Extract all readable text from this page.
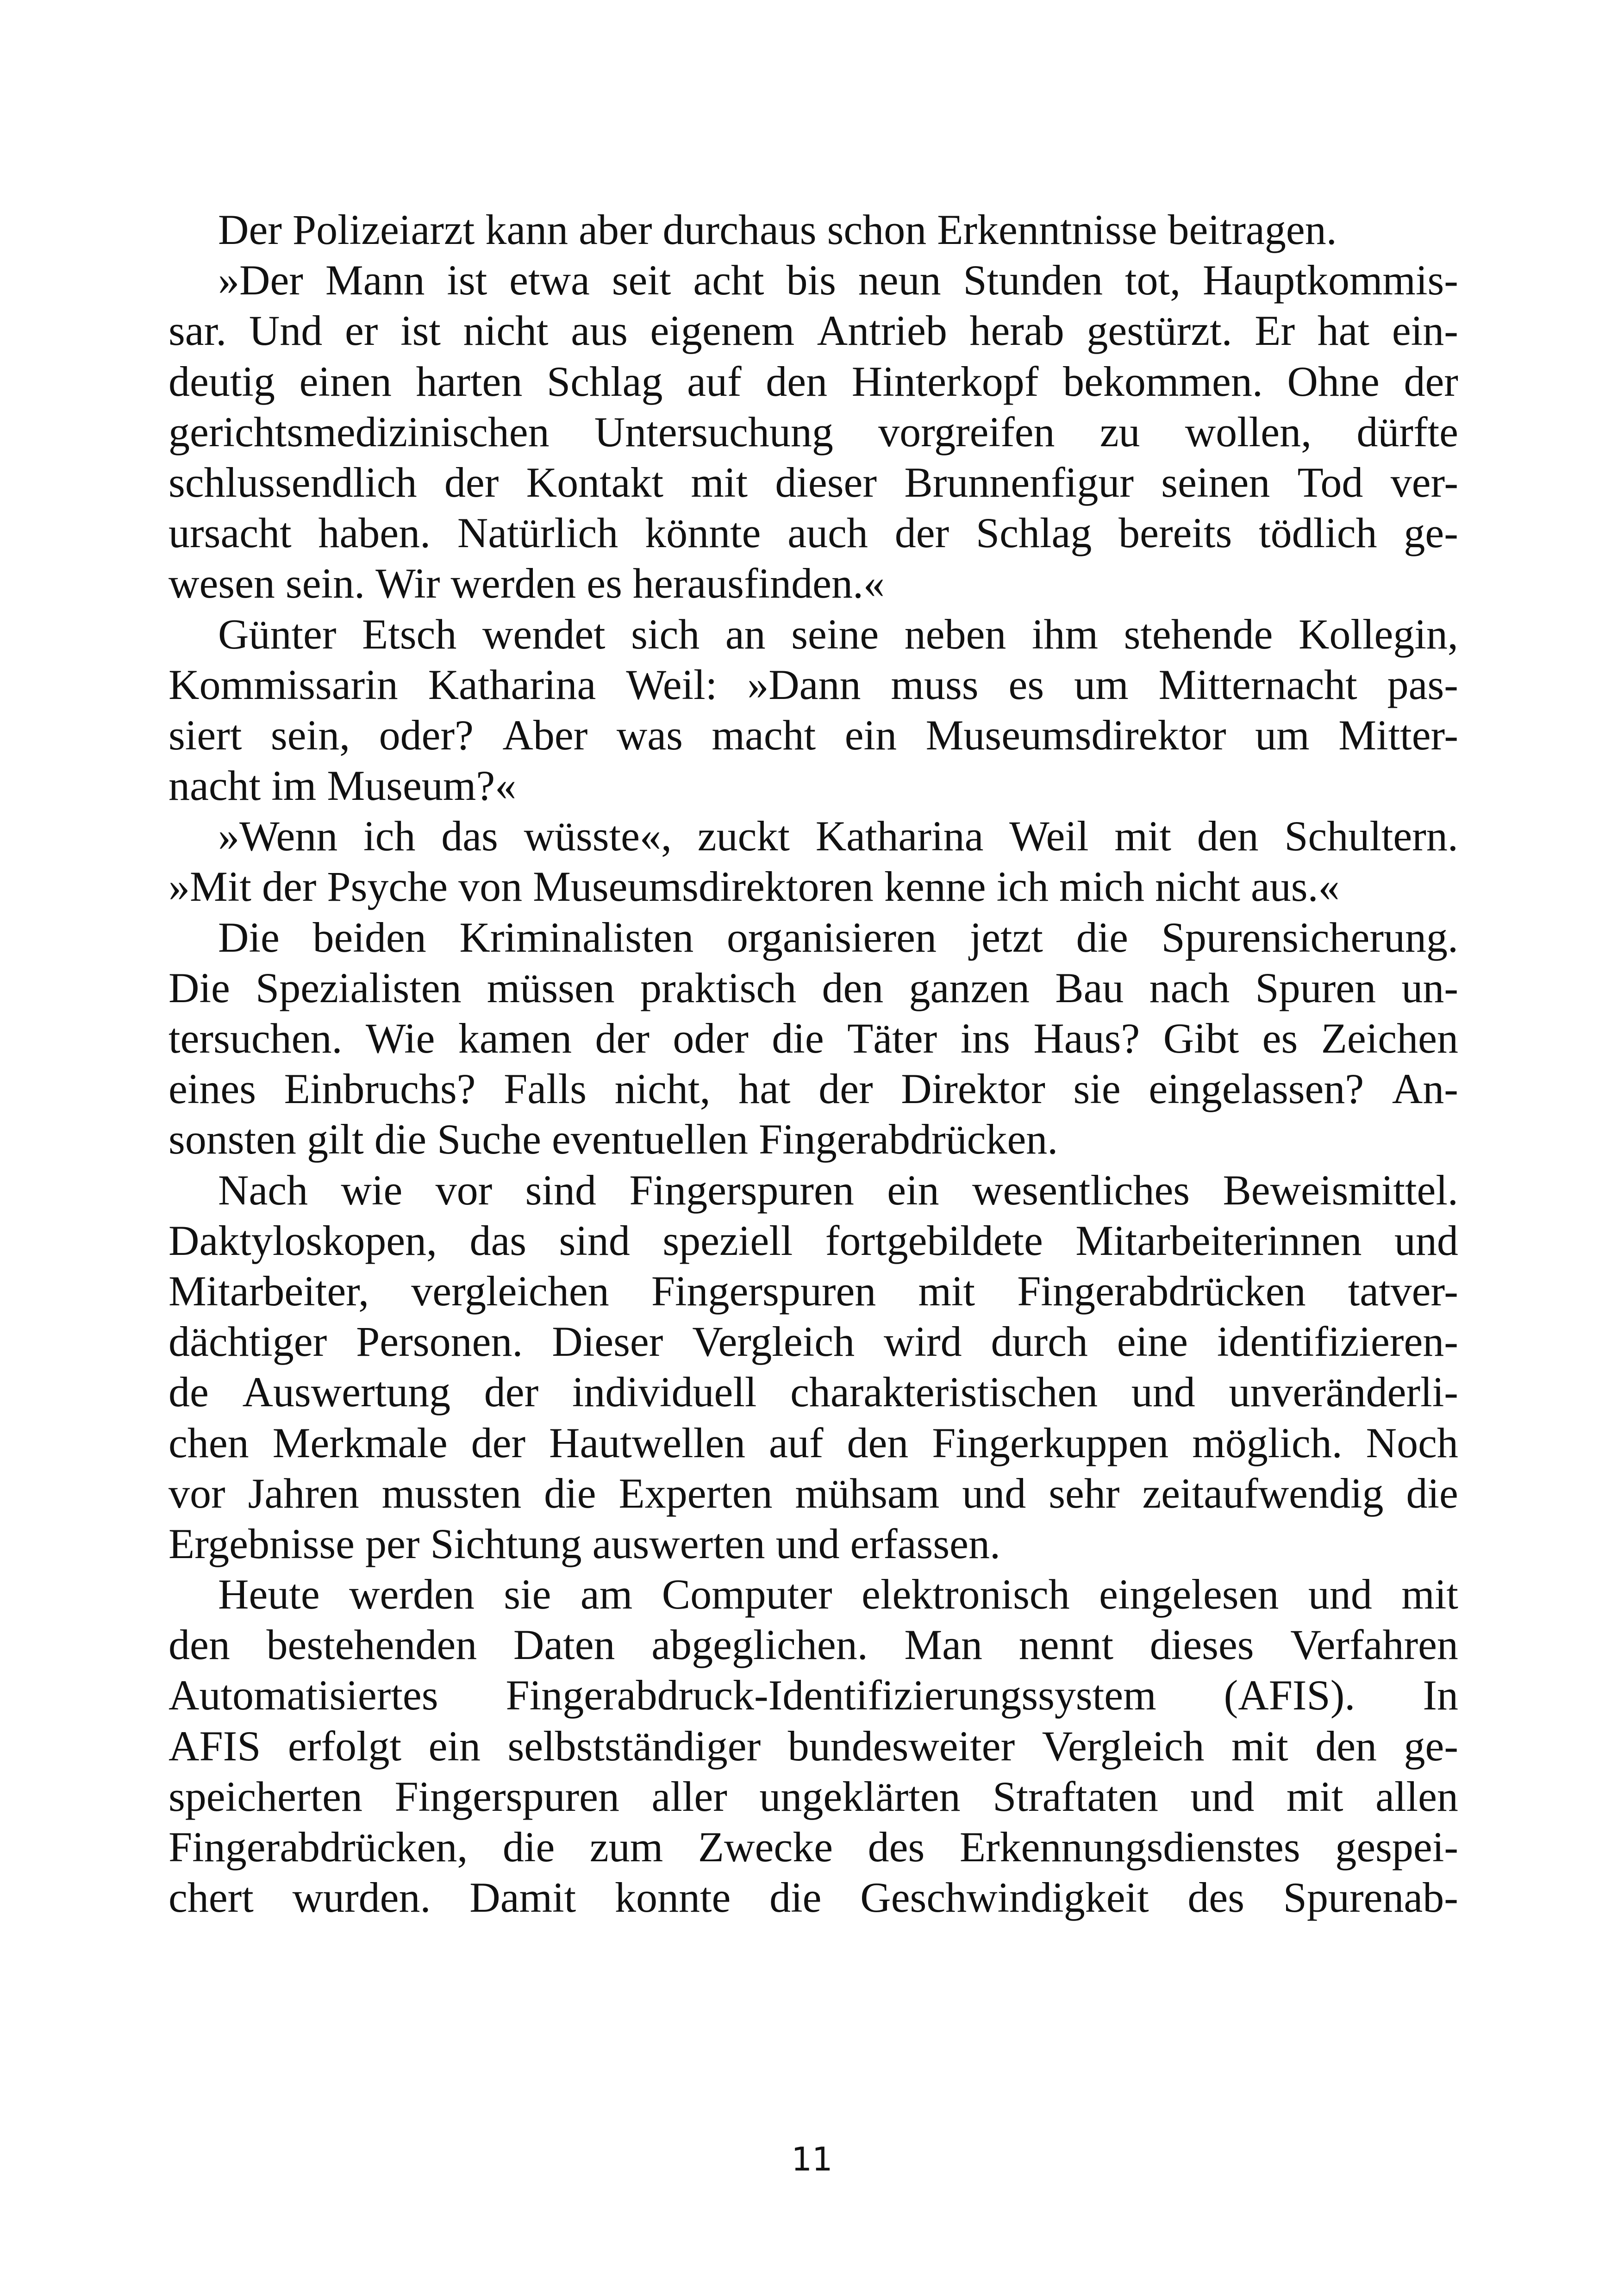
Der Polizeiarzt kann aber durchaus schon Erkenntnisse beitragen.
»Der Mann ist etwa seit acht bis neun Stunden tot, Hauptkommis-
sar. Und er ist nicht aus eigenem Antrieb herab gestürzt. Er hat ein-
deutig einen harten Schlag auf den Hinterkopf bekommen. Ohne der
gerichtsmedizinischen Untersuchung vorgreifen zu wollen, dürfte
schlussendlich der Kontakt mit dieser Brunnenfigur seinen Tod ver-
ursacht haben. Natürlich könnte auch der Schlag bereits tödlich ge-
wesen sein. Wir werden es herausfinden.«
Günter Etsch wendet sich an seine neben ihm stehende Kollegin,
Kommissarin Katharina Weil: »Dann muss es um Mitternacht pas-
siert sein, oder? Aber was macht ein Museumsdirektor um Mitter-
nacht im Museum?«
»Wenn ich das wüsste«, zuckt Katharina Weil mit den Schultern.
»Mit der Psyche von Museumsdirektoren kenne ich mich nicht aus.«
Die beiden Kriminalisten organisieren jetzt die Spurensicherung.
Die Spezialisten müssen praktisch den ganzen Bau nach Spuren un-
tersuchen. Wie kamen der oder die Täter ins Haus? Gibt es Zeichen
eines Einbruchs? Falls nicht, hat der Direktor sie eingelassen? An-
sonsten gilt die Suche eventuellen Fingerabdrücken.
Nach wie vor sind Fingerspuren ein wesentliches Beweismittel.
Daktyloskopen, das sind speziell fortgebildete Mitarbeiterinnen und
Mitarbeiter, vergleichen Fingerspuren mit Fingerabdrücken tatver-
dächtiger Personen. Dieser Vergleich wird durch eine identifizieren-
de Auswertung der individuell charakteristischen und unveränderli-
chen Merkmale der Hautwellen auf den Fingerkuppen möglich. Noch
vor Jahren mussten die Experten mühsam und sehr zeitaufwendig die
Ergebnisse per Sichtung auswerten und erfassen.
Heute werden sie am Computer elektronisch eingelesen und mit
den bestehenden Daten abgeglichen. Man nennt dieses Verfahren
Automatisiertes Fingerabdruck-Identifizierungssystem (AFIS). In
AFIS erfolgt ein selbstständiger bundesweiter Vergleich mit den ge-
speicherten Fingerspuren aller ungeklärten Straftaten und mit allen
Fingerabdrücken, die zum Zwecke des Erkennungsdienstes gespei-
chert wurden. Damit konnte die Geschwindigkeit des Spurenab-
11
